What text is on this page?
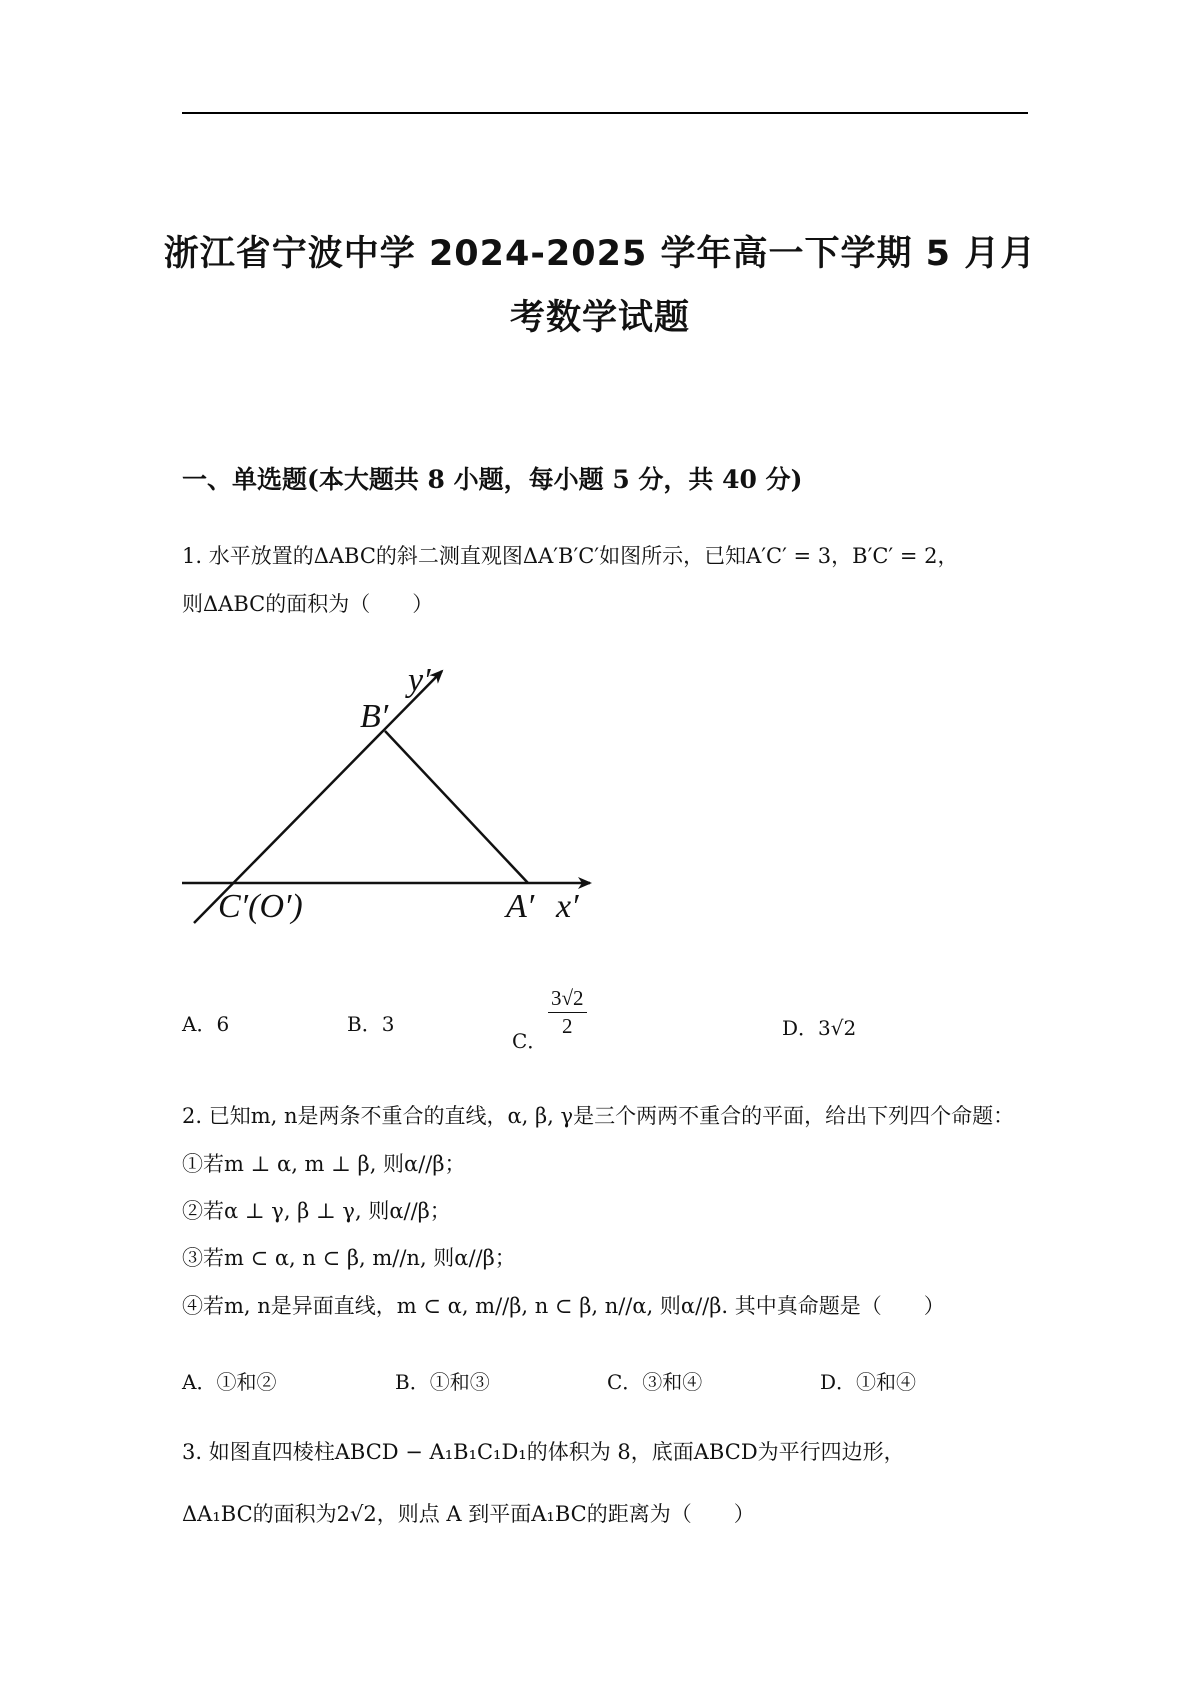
浙江省宁波中学 2024-2025 学年高一下学期 5 月月
考数学试题
一、单选题(本大题共 8 小题，每小题 5 分，共 40 分)
1. 水平放置的ΔABC的斜二测直观图ΔA′B′C′如图所示，已知A′C′ = 3，B′C′ = 2，
则ΔABC的面积为（　　）
y′
B′
C′(O′)	A′ x′
A．6	B．3
C．
$\frac{3√2}{2}$	D．3√2
2. 已知m, n是两条不重合的直线，α, β, γ是三个两两不重合的平面，给出下列四个命题：
①若m ⊥ α, m ⊥ β, 则α//β；
②若α ⊥ γ, β ⊥ γ, 则α//β；
③若m ⊂ α, n ⊂ β, m//n, 则α//β；
④若m, n是异面直线，m ⊂ α, m//β, n ⊂ β, n//α, 则α//β. 其中真命题是（　　）
A．①和②	B．①和③	C．③和④	D．①和④
3. 如图直四棱柱ABCD − A₁B₁C₁D₁的体积为 8，底面ABCD为平行四边形，
ΔA₁BC的面积为2√2，则点 A 到平面A₁BC的距离为（　　）
